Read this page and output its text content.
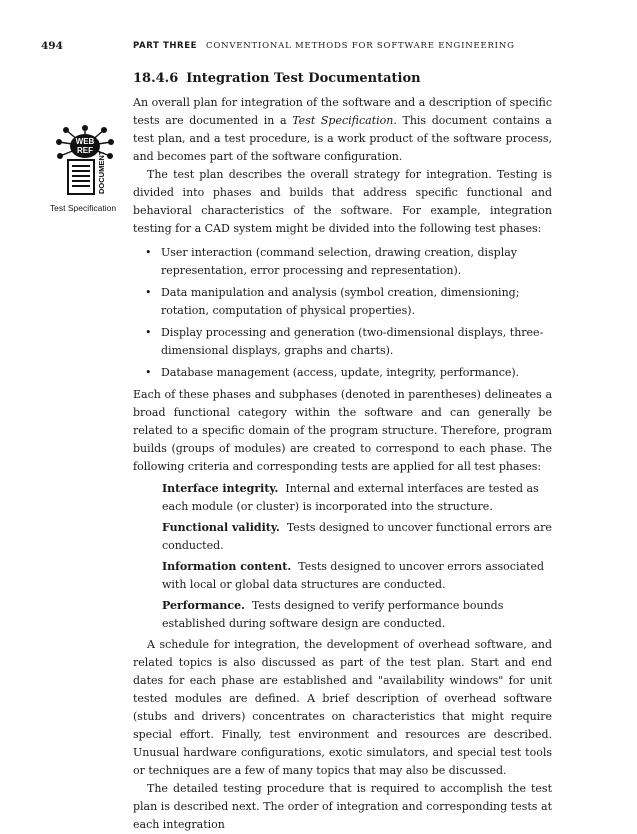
494	PART THREE CONVENTIONAL METHODS FOR SOFTWARE ENGINEERING
WEB
REF
DOCUMENT
Test Specification
18.4.6 Integration Test Documentation

An overall plan for integration of the software and a description of specific tests are documented in a Test Specification. This document contains a test plan, and a test procedure, is a work product of the software process, and becomes part of the software configuration.

The test plan describes the overall strategy for integration. Testing is divided into phases and builds that address specific functional and behavioral characteristics of the software. For example, integration testing for a CAD system might be divided into the following test phases:

• User interaction (command selection, drawing creation, display representation, error processing and representation).
• Data manipulation and analysis (symbol creation, dimensioning; rotation, computation of physical properties).
• Display processing and generation (two-dimensional displays, three-dimensional displays, graphs and charts).
• Database management (access, update, integrity, performance).

Each of these phases and subphases (denoted in parentheses) delineates a broad functional category within the software and can generally be related to a specific domain of the program structure. Therefore, program builds (groups of modules) are created to correspond to each phase. The following criteria and corresponding tests are applied for all test phases:

Interface integrity. Internal and external interfaces are tested as each module (or cluster) is incorporated into the structure.

Functional validity. Tests designed to uncover functional errors are conducted.

Information content. Tests designed to uncover errors associated with local or global data structures are conducted.

Performance. Tests designed to verify performance bounds established during software design are conducted.

A schedule for integration, the development of overhead software, and related topics is also discussed as part of the test plan. Start and end dates for each phase are established and "availability windows" for unit tested modules are defined. A brief description of overhead software (stubs and drivers) concentrates on characteristics that might require special effort. Finally, test environment and resources are described. Unusual hardware configurations, exotic simulators, and special test tools or techniques are a few of many topics that may also be discussed.

The detailed testing procedure that is required to accomplish the test plan is described next. The order of integration and corresponding tests at each integration
